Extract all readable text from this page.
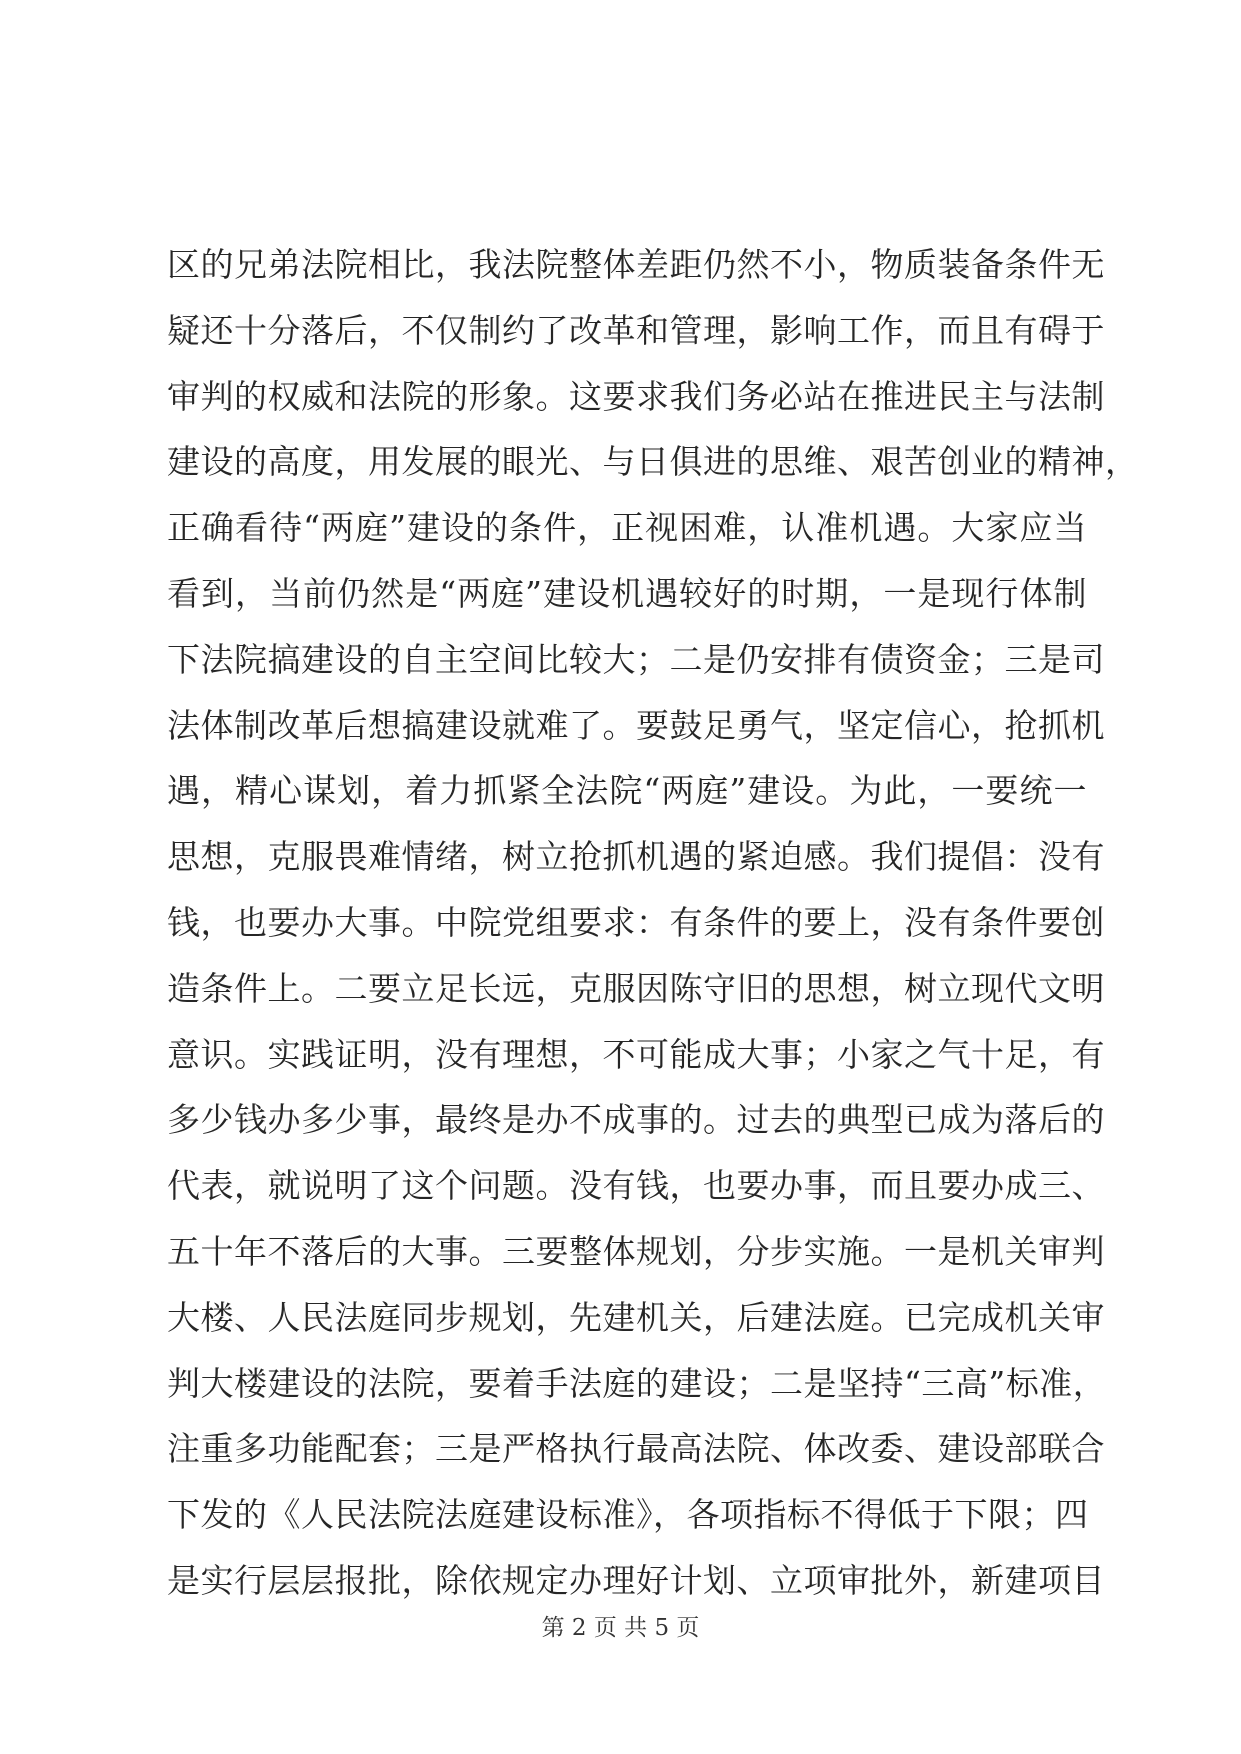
区的兄弟法院相比，我法院整体差距仍然不小，物质装备条件无
疑还十分落后，不仅制约了改革和管理，影响工作，而且有碍于
审判的权威和法院的形象。这要求我们务必站在推进民主与法制
建设的高度，用发展的眼光、与日俱进的思维、艰苦创业的精神，
正确看待“两庭”建设的条件，正视困难，认准机遇。大家应当
看到，当前仍然是“两庭”建设机遇较好的时期，一是现行体制
下法院搞建设的自主空间比较大；二是仍安排有债资金；三是司
法体制改革后想搞建设就难了。要鼓足勇气，坚定信心，抢抓机
遇，精心谋划，着力抓紧全法院“两庭”建设。为此，一要统一
思想，克服畏难情绪，树立抢抓机遇的紧迫感。我们提倡：没有
钱，也要办大事。中院党组要求：有条件的要上，没有条件要创
造条件上。二要立足长远，克服因陈守旧的思想，树立现代文明
意识。实践证明，没有理想，不可能成大事；小家之气十足，有
多少钱办多少事，最终是办不成事的。过去的典型已成为落后的
代表，就说明了这个问题。没有钱，也要办事，而且要办成三、
五十年不落后的大事。三要整体规划，分步实施。一是机关审判
大楼、人民法庭同步规划，先建机关，后建法庭。已完成机关审
判大楼建设的法院，要着手法庭的建设；二是坚持“三高”标准，
注重多功能配套；三是严格执行最高法院、体改委、建设部联合
下发的《人民法院法庭建设标准》，各项指标不得低于下限；四
是实行层层报批，除依规定办理好计划、立项审批外，新建项目
第 2 页 共 5 页
